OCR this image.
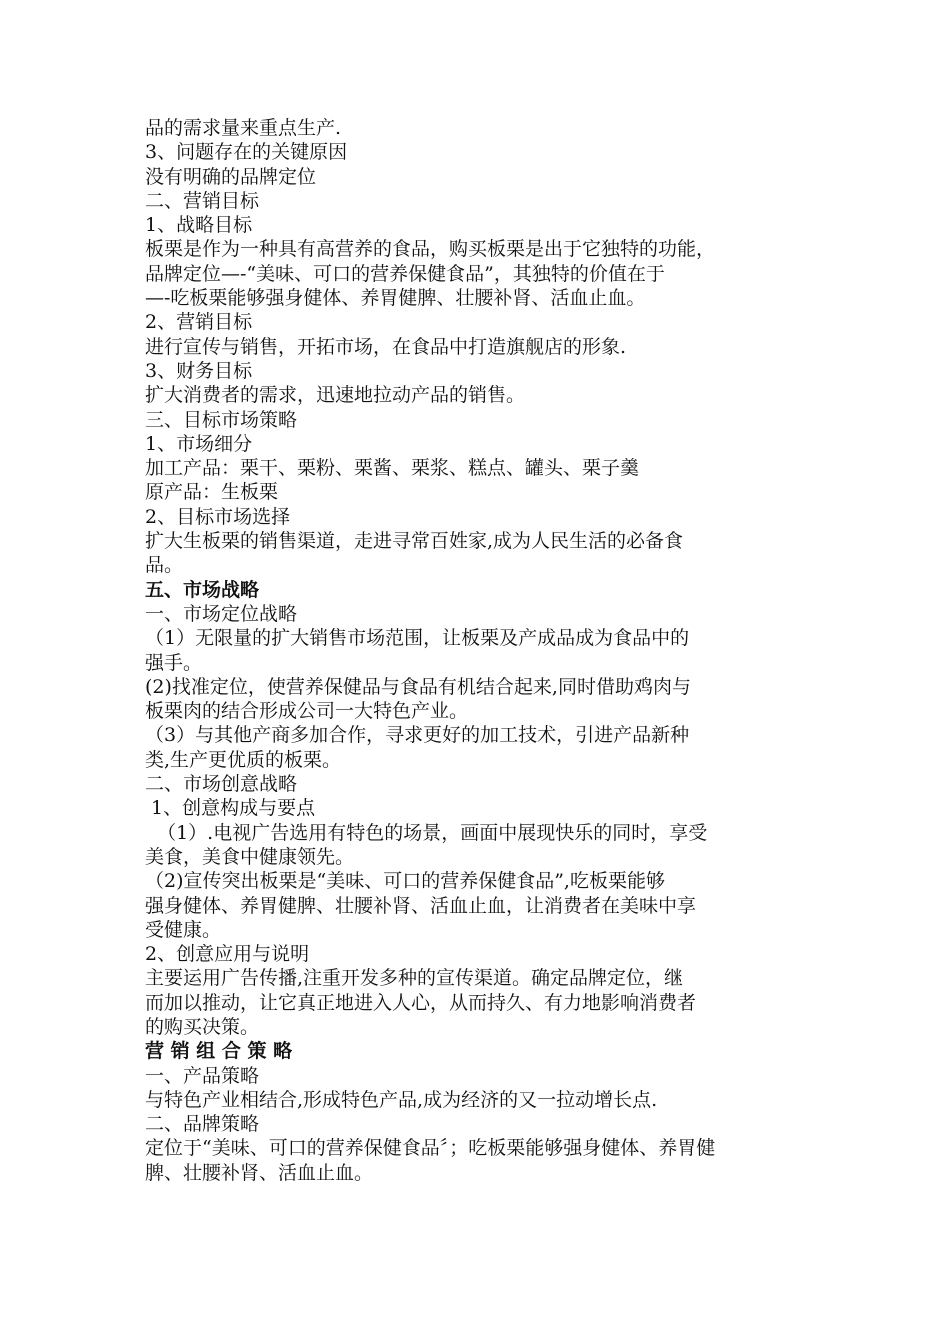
品的需求量来重点生产.

3、问题存在的关键原因

没有明确的品牌定位

二、营销目标

1、战略目标

板栗是作为一种具有高营养的食品，购买板栗是出于它独特的功能，

品牌定位—-“美味、可口的营养保健食品”，其独特的价值在于

—-吃板栗能够强身健体、养胃健脾、壮腰补肾、活血止血。

2、营销目标

进行宣传与销售，开拓市场，在食品中打造旗舰店的形象.

3、财务目标

扩大消费者的需求，迅速地拉动产品的销售。

三、目标市场策略

1、市场细分

加工产品：栗干、栗粉、栗酱、栗浆、糕点、罐头、栗子羹

原产品：生板栗

2、目标市场选择

扩大生板栗的销售渠道，走进寻常百姓家,成为人民生活的必备食

品。

五、市场战略

一、市场定位战略

（1）无限量的扩大销售市场范围，让板栗及产成品成为食品中的

强手。

(2)找准定位，使营养保健品与食品有机结合起来,同时借助鸡肉与

板栗肉的结合形成公司一大特色产业。

（3）与其他产商多加合作，寻求更好的加工技术，引进产品新种

类,生产更优质的板栗。

二、市场创意战略

1、创意构成与要点

（1）.电视广告选用有特色的场景，画面中展现快乐的同时，享受

美食，美食中健康领先。

（2)宣传突出板栗是“美味、可口的营养保健食品”,吃板栗能够

强身健体、养胃健脾、壮腰补肾、活血止血，让消费者在美味中享

受健康。

2、创意应用与说明

主要运用广告传播,注重开发多种的宣传渠道。确定品牌定位，继

而加以推动，让它真正地进入人心，从而持久、有力地影响消费者

的购买决策。

营 销 组 合 策 略

一、产品策略

与特色产业相结合,形成特色产品,成为经济的又一拉动增长点.

二、品牌策略

定位于“美味、可口的营养保健食品〞；吃板栗能够强身健体、养胃健

脾、壮腰补肾、活血止血。
